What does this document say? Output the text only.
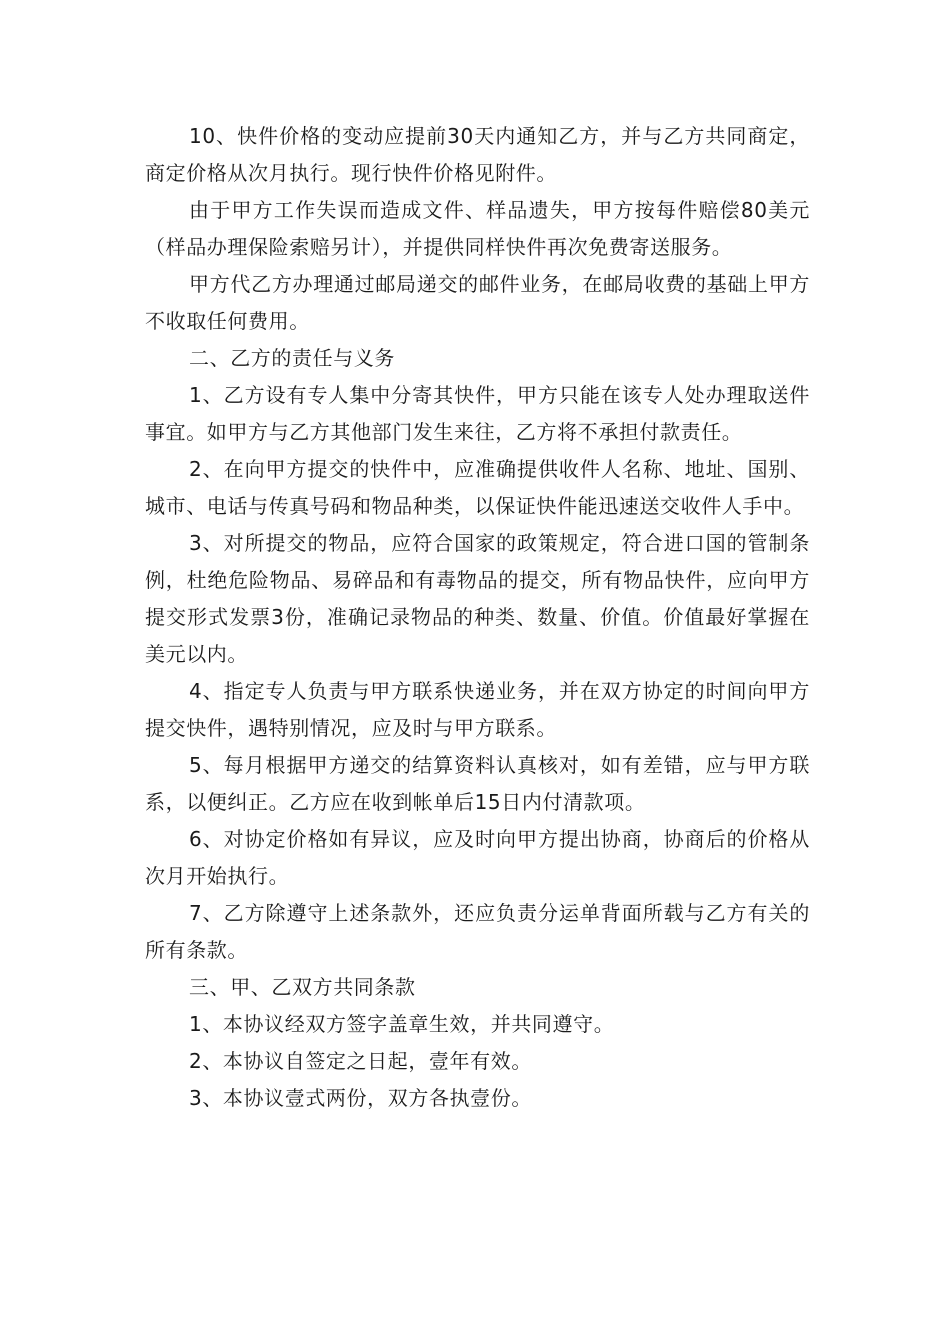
10、快件价格的变动应提前30天内通知乙方，并与乙方共同商定，商定价格从次月执行。现行快件价格见附件。

由于甲方工作失误而造成文件、样品遗失，甲方按每件赔偿80美元（样品办理保险索赔另计），并提供同样快件再次免费寄送服务。

甲方代乙方办理通过邮局递交的邮件业务，在邮局收费的基础上甲方不收取任何费用。

二、乙方的责任与义务

1、乙方设有专人集中分寄其快件，甲方只能在该专人处办理取送件事宜。如甲方与乙方其他部门发生来往，乙方将不承担付款责任。

2、在向甲方提交的快件中，应准确提供收件人名称、地址、国别、城市、电话与传真号码和物品种类，以保证快件能迅速送交收件人手中。

3、对所提交的物品，应符合国家的政策规定，符合进口国的管制条例，杜绝危险物品、易碎品和有毒物品的提交，所有物品快件，应向甲方提交形式发票3份，准确记录物品的种类、数量、价值。价值最好掌握在美元以内。

4、指定专人负责与甲方联系快递业务，并在双方协定的时间向甲方提交快件，遇特别情况，应及时与甲方联系。

5、每月根据甲方递交的结算资料认真核对，如有差错，应与甲方联系，以便纠正。乙方应在收到帐单后15日内付清款项。

6、对协定价格如有异议，应及时向甲方提出协商，协商后的价格从次月开始执行。

7、乙方除遵守上述条款外，还应负责分运单背面所载与乙方有关的所有条款。

三、甲、乙双方共同条款

1、本协议经双方签字盖章生效，并共同遵守。

2、本协议自签定之日起，壹年有效。

3、本协议壹式两份，双方各执壹份。
